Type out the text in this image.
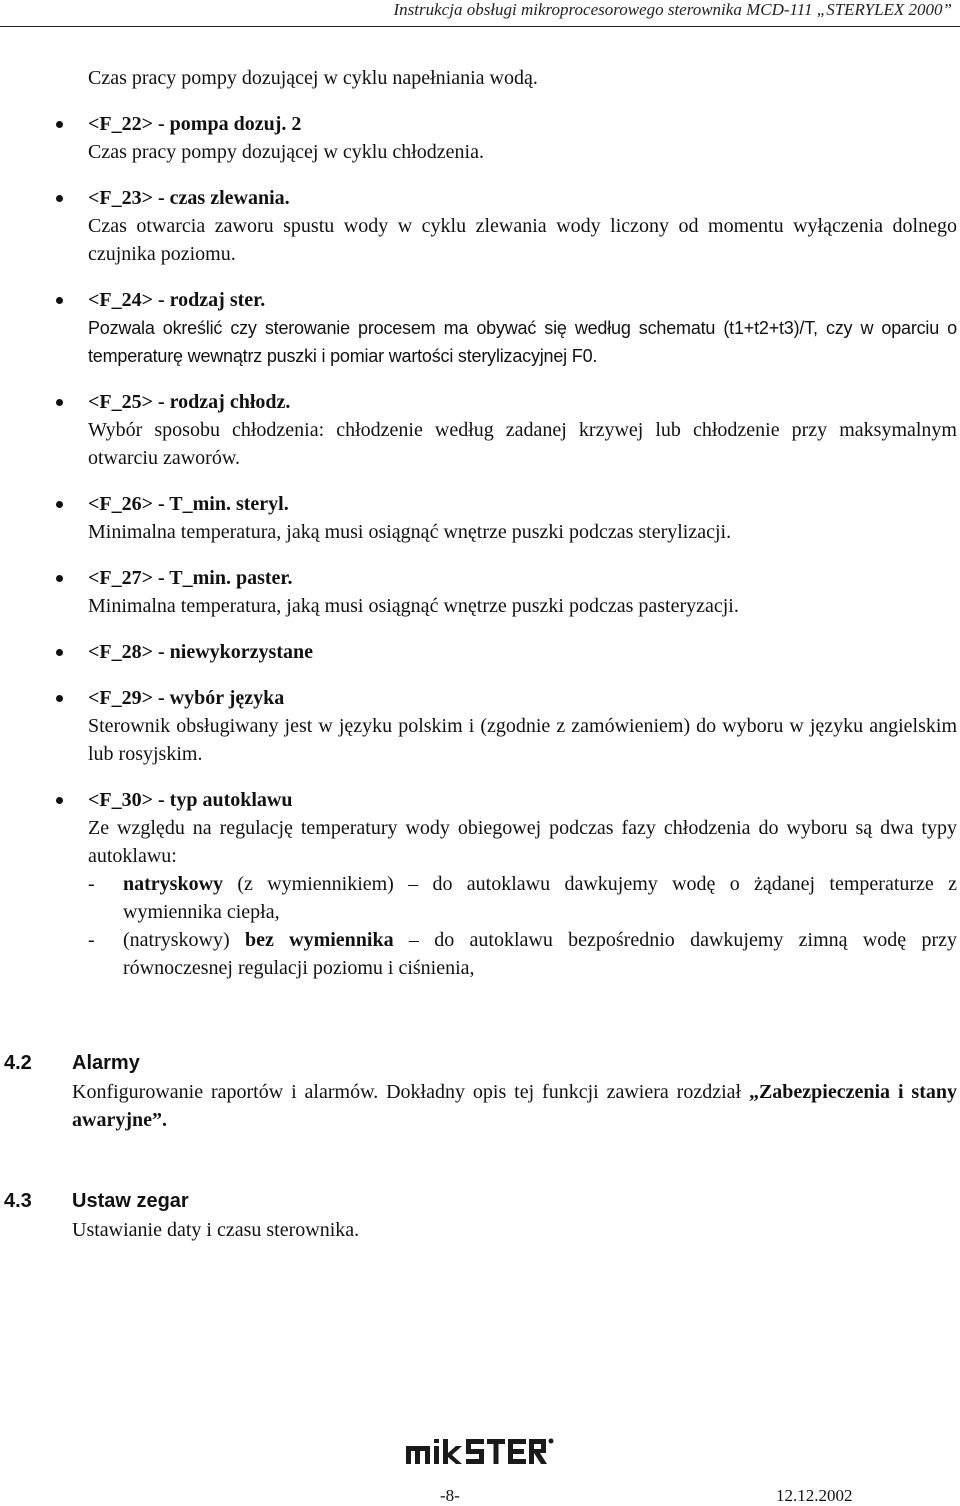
Instrukcja obsługi mikroprocesorowego sterownika MCD-111 „STERYLEX 2000”

Czas pracy pompy dozującej w cyklu napełniania wodą.

<F_22> - pompa dozuj. 2
Czas pracy pompy dozującej w cyklu chłodzenia.
<F_23> - czas zlewania.
Czas otwarcia zaworu spustu wody w cyklu zlewania wody liczony od momentu wyłączenia dolnego czujnika poziomu.
<F_24> - rodzaj ster.
Pozwala określić czy sterowanie procesem ma obywać się według schematu (t1+t2+t3)/T, czy w oparciu o temperaturę wewnątrz puszki i pomiar wartości sterylizacyjnej F0.
<F_25> - rodzaj chłodz.
Wybór sposobu chłodzenia: chłodzenie według zadanej krzywej lub chłodzenie przy maksymalnym otwarciu zaworów.
<F_26> - T_min. steryl.
Minimalna temperatura, jaką musi osiągnąć wnętrze puszki podczas sterylizacji.
<F_27> - T_min. paster.
Minimalna temperatura, jaką musi osiągnąć wnętrze puszki podczas pasteryzacji.
<F_28> - niewykorzystane
<F_29> - wybór języka
Sterownik obsługiwany jest w języku polskim i (zgodnie z zamówieniem) do wyboru w języku angielskim lub rosyjskim.
<F_30> - typ autoklawu
Ze względu na regulację temperatury wody obiegowej podczas fazy chłodzenia do wyboru są dwa typy autoklawu:
- natryskowy (z wymiennikiem) – do autoklawu dawkujemy wodę o żądanej temperaturze z wymiennika ciepła,
- (natryskowy) bez wymiennika – do autoklawu bezpośrednio dawkujemy zimną wodę przy równoczesnej regulacji poziomu i ciśnienia,
4.2 Alarmy
Konfigurowanie raportów i alarmów. Dokładny opis tej funkcji zawiera rozdział „Zabezpieczenia i stany awaryjne”.
4.3 Ustaw zegar
Ustawianie daty i czasu sterownika.
-8-	12.12.2002
